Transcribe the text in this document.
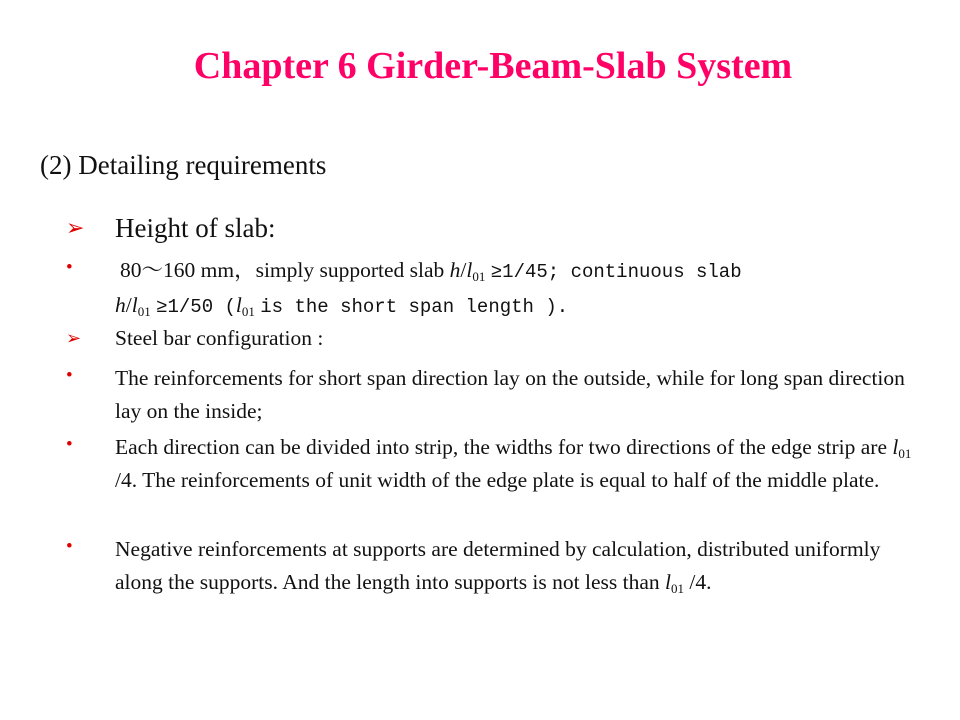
Chapter 6 Girder-Beam-Slab System
(2) Detailing requirements
➢ Height of slab:
• 80～160 mm，simply supported slab $h/l_{01} \ge 1/45$; continuous slab
$h/l_{01} \ge 1/50$ ($l_{01}$ is the short span length ).
➢ Steel bar configuration :
• The reinforcements for short span direction lay on the outside, while for long span direction lay on the inside;
• Each direction can be divided into strip, the widths for two directions of the edge strip are $l_{01}$ /4. The reinforcements of unit width of the edge plate is equal to half of the middle plate.
• Negative reinforcements at supports are determined by calculation, distributed uniformly along the supports. And the length into supports is not less than $l_{01}$ /4.
